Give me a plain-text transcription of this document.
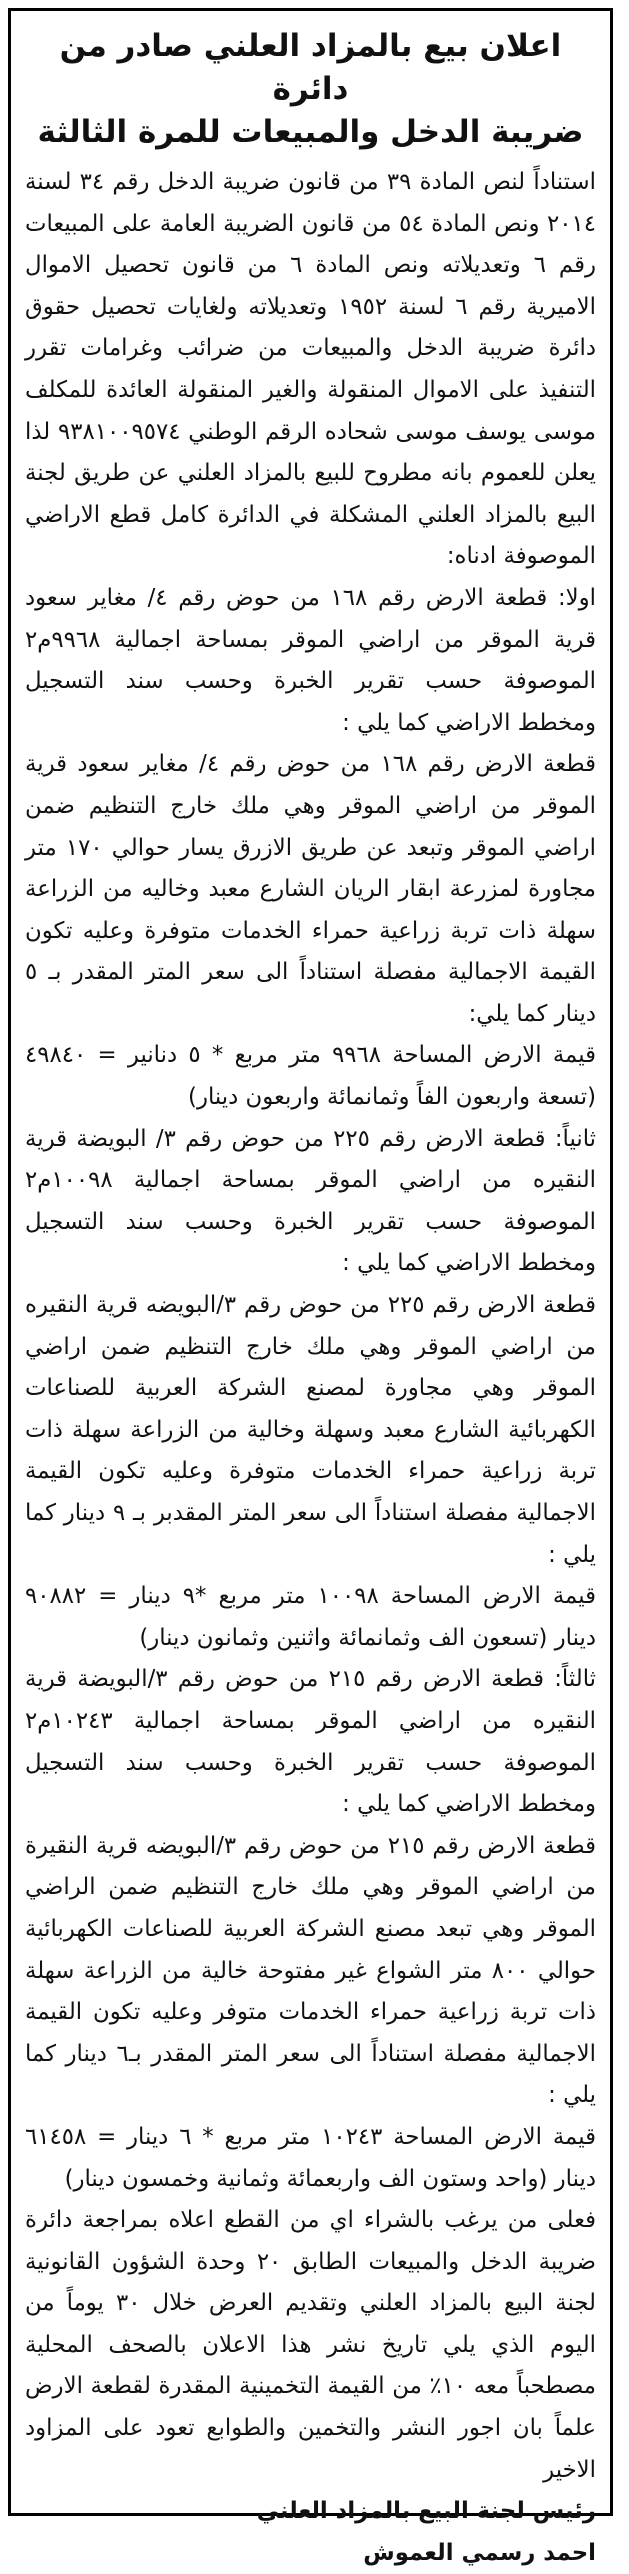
اعلان بيع بالمزاد العلني صادر من دائرة
ضريبة الدخل والمبيعات للمرة الثالثة

استناداً لنص المادة ٣٩ من قانون ضريبة الدخل رقم ٣٤ لسنة ٢٠١٤ ونص المادة ٥٤ من قانون الضريبة العامة على المبيعات رقم ٦ وتعديلاته ونص المادة ٦ من قانون تحصيل الاموال الاميرية رقم ٦ لسنة ١٩٥٢ وتعديلاته ولغايات تحصيل حقوق دائرة ضريبة الدخل والمبيعات من ضرائب وغرامات تقرر التنفيذ على الاموال المنقولة والغير المنقولة العائدة للمكلف موسى يوسف موسى شحاده الرقم الوطني ٩٣٨١٠٠٩٥٧٤ لذا يعلن للعموم بانه مطروح للبيع بالمزاد العلني عن طريق لجنة البيع بالمزاد العلني المشكلة في الدائرة كامل قطع الاراضي الموصوفة ادناه:

اولا: قطعة الارض رقم ١٦٨ من حوض رقم ٤/ مغاير سعود قرية الموقر من اراضي الموقر بمساحة اجمالية ٩٩٦٨م٢ الموصوفة حسب تقرير الخبرة وحسب سند التسجيل ومخطط الاراضي كما يلي :

قطعة الارض رقم ١٦٨ من حوض رقم ٤/ مغاير سعود قرية الموقر من اراضي الموقر وهي ملك خارج التنظيم ضمن اراضي الموقر وتبعد عن طريق الازرق يسار حوالي ١٧٠ متر مجاورة لمزرعة ابقار الريان الشارع معبد وخاليه من الزراعة سهلة ذات تربة زراعية حمراء الخدمات متوفرة وعليه تكون القيمة الاجمالية مفصلة استناداً الى سعر المتر المقدر بـ ٥ دينار كما يلي:

قيمة الارض المساحة ٩٩٦٨ متر مربع * ٥ دنانير = ٤٩٨٤٠ (تسعة واربعون الفاً وثمانمائة واربعون دينار)

ثانياً: قطعة الارض رقم ٢٢٥ من حوض رقم ٣/ البويضة قرية النقيره من اراضي الموقر بمساحة اجمالية ١٠٠٩٨م٢ الموصوفة حسب تقرير الخبرة وحسب سند التسجيل ومخطط الاراضي كما يلي :

قطعة الارض رقم ٢٢٥ من حوض رقم ٣/البويضه قرية النقيره من اراضي الموقر وهي ملك خارج التنظيم ضمن اراضي الموقر وهي مجاورة لمصنع الشركة العربية للصناعات الكهربائية الشارع معبد وسهلة وخالية من الزراعة سهلة ذات تربة زراعية حمراء الخدمات متوفرة وعليه تكون القيمة الاجمالية مفصلة استناداً الى سعر المتر المقدبر بـ ٩ دينار كما يلي :

قيمة الارض المساحة ١٠٠٩٨ متر مربع *٩ دينار = ٩٠٨٨٢ دينار (تسعون الف وثمانمائة واثنين وثمانون دينار)

ثالثاً: قطعة الارض رقم ٢١٥ من حوض رقم ٣/البويضة قرية النقيره من اراضي الموقر بمساحة اجمالية ١٠٢٤٣م٢ الموصوفة حسب تقرير الخبرة وحسب سند التسجيل ومخطط الاراضي كما يلي :

قطعة الارض رقم ٢١٥ من حوض رقم ٣/البويضه قرية النقيرة من اراضي الموقر وهي ملك خارج التنظيم ضمن الراضي الموقر وهي تبعد مصنع الشركة العربية للصناعات الكهربائية حوالي ٨٠٠ متر الشواع غير مفتوحة خالية من الزراعة سهلة ذات تربة زراعية حمراء الخدمات متوفر وعليه تكون القيمة الاجمالية مفصلة استناداً الى سعر المتر المقدر بـ٦ دينار كما يلي :

قيمة الارض المساحة ١٠٢٤٣ متر مربع * ٦ دينار = ٦١٤٥٨ دينار (واحد وستون الف واربعمائة وثمانية وخمسون دينار)

فعلى من يرغب بالشراء اي من القطع اعلاه بمراجعة دائرة ضريبة الدخل والمبيعات الطابق ٢٠ وحدة الشؤون القانونية لجنة البيع بالمزاد العلني وتقديم العرض خلال ٣٠ يوماً من اليوم الذي يلي تاريخ نشر هذا الاعلان بالصحف المحلية مصطحباً معه ١٠٪ من القيمة التخمينية المقدرة لقطعة الارض علماً بان اجور النشر والتخمين والطوابع تعود على المزاود الاخير

رئيس لجنة البيع بالمزاد العلني
احمد رسمي العموش
